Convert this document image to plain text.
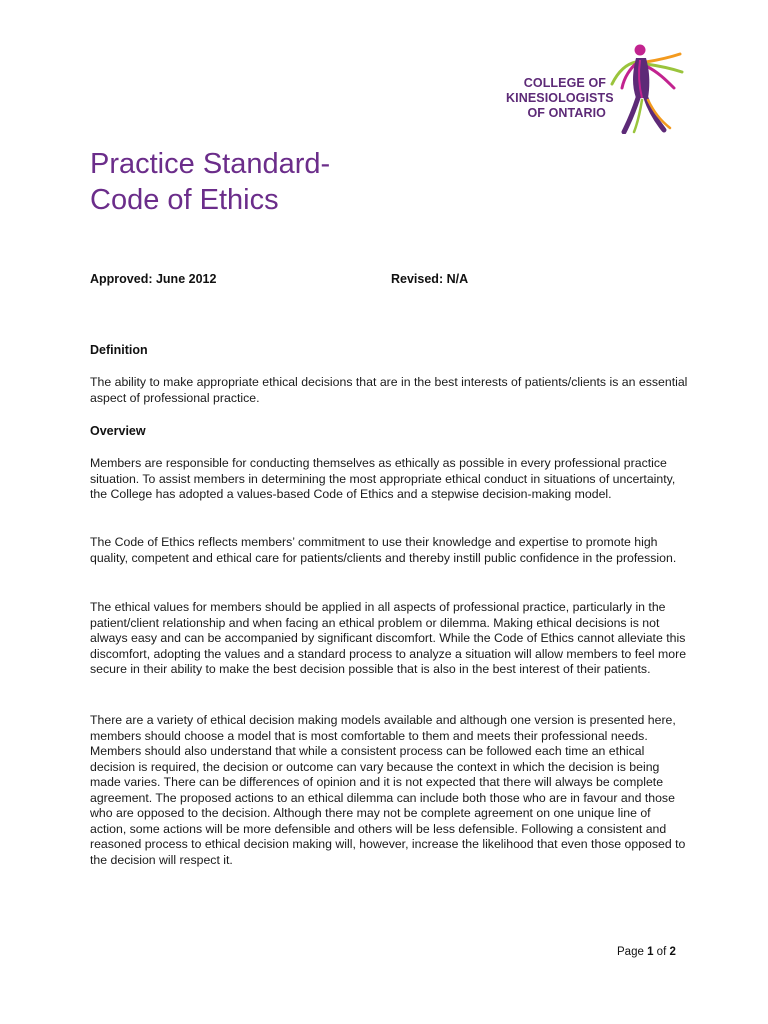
COLLEGE OF
KINESIOLOGISTS
OF ONTARIO
Practice Standard-
Code of Ethics
Approved: June 2012	Revised: N/A
Definition

The ability to make appropriate ethical decisions that are in the best interests of patients/clients is an essential aspect of professional practice.

Overview

Members are responsible for conducting themselves as ethically as possible in every professional practice situation. To assist members in determining the most appropriate ethical conduct in situations of uncertainty, the College has adopted a values-based Code of Ethics and a stepwise decision-making model.

The Code of Ethics reflects members’ commitment to use their knowledge and expertise to promote high quality, competent and ethical care for patients/clients and thereby instill public confidence in the profession.

The ethical values for members should be applied in all aspects of professional practice, particularly in the patient/client relationship and when facing an ethical problem or dilemma. Making ethical decisions is not always easy and can be accompanied by significant discomfort. While the Code of Ethics cannot alleviate this discomfort, adopting the values and a standard process to analyze a situation will allow members to feel more secure in their ability to make the best decision possible that is also in the best interest of their patients.

There are a variety of ethical decision making models available and although one version is presented here, members should choose a model that is most comfortable to them and meets their professional needs. Members should also understand that while a consistent process can be followed each time an ethical decision is required, the decision or outcome can vary because the context in which the decision is being made varies. There can be differences of opinion and it is not expected that there will always be complete agreement. The proposed actions to an ethical dilemma can include both those who are in favour and those who are opposed to the decision. Although there may not be complete agreement on one unique line of action, some actions will be more defensible and others will be less defensible. Following a consistent and reasoned process to ethical decision making will, however, increase the likelihood that even those opposed to the decision will respect it.

Page 1 of 2
